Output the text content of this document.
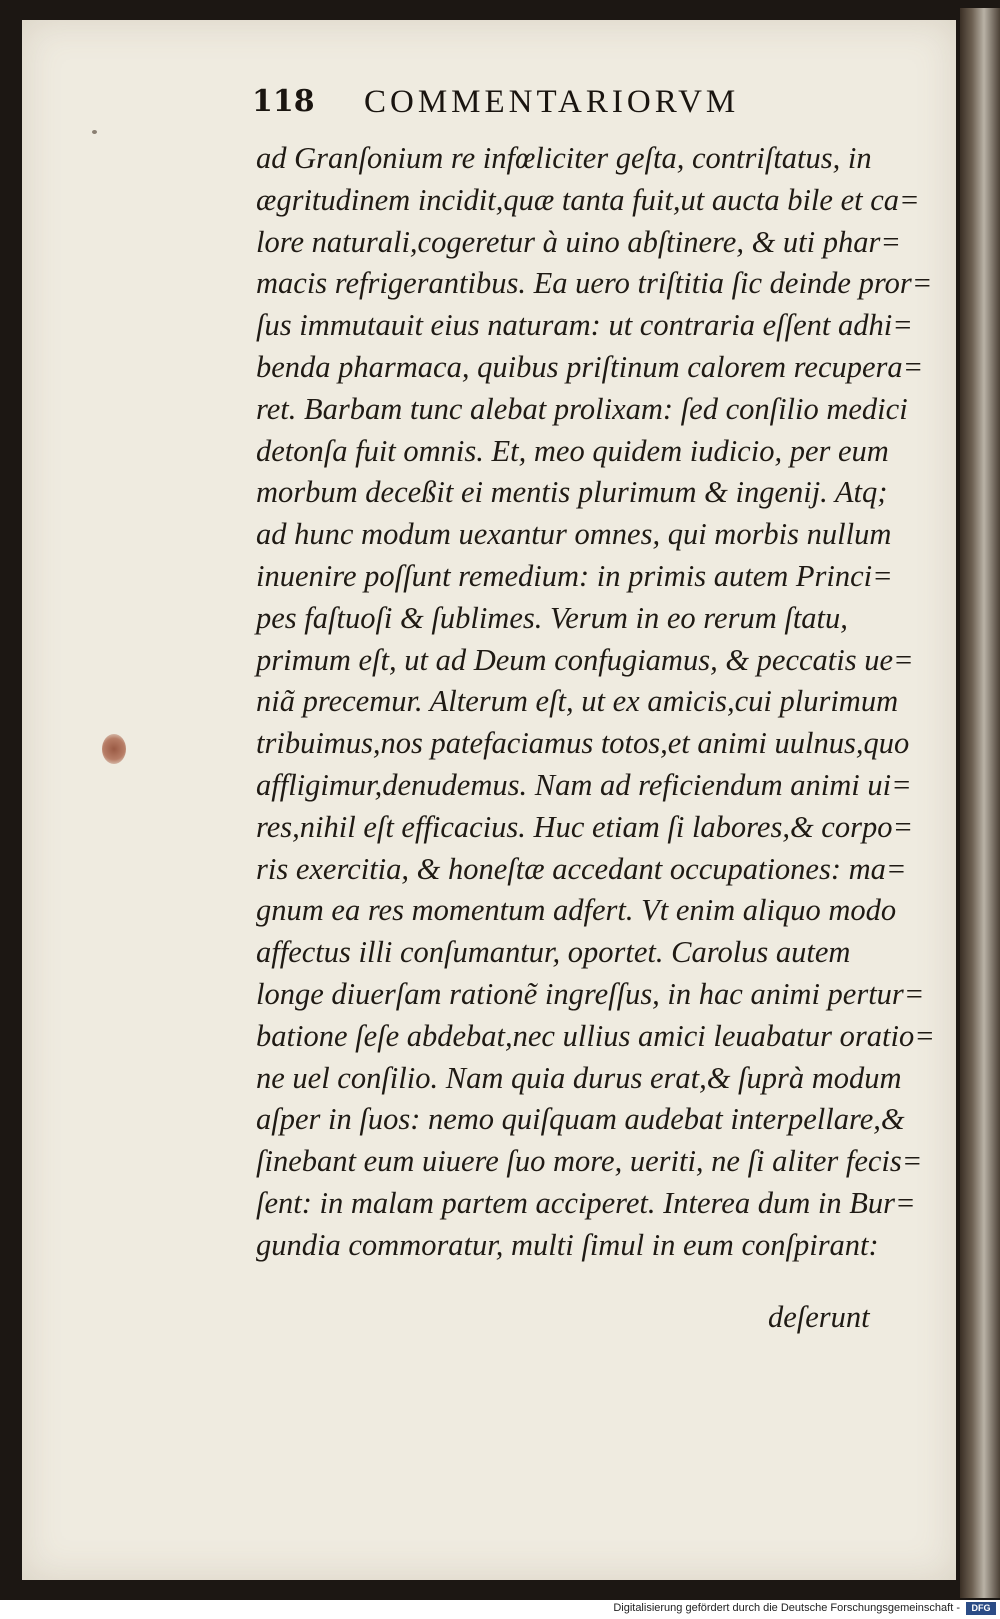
118 COMMENTARIORVM
ad Granſonium re infœliciter geſta, contriſtatus, in
ægritudinem incidit,quæ tanta fuit,ut aucta bile et ca=
lore naturali,cogeretur à uino abſtinere, & uti phar=
macis refrigerantibus. Ea uero triſtitia ſic deinde pror=
ſus immutauit eius naturam: ut contraria eſſent adhi=
benda pharmaca, quibus priſtinum calorem recupera=
ret. Barbam tunc alebat prolixam: ſed conſilio medici
detonſa fuit omnis. Et, meo quidem iudicio, per eum
morbum deceßit ei mentis plurimum & ingenij. Atq;
ad hunc modum uexantur omnes, qui morbis nullum
inuenire poſſunt remedium: in primis autem Princi=
pes faſtuoſi & ſublimes. Verum in eo rerum ſtatu,
primum eſt, ut ad Deum confugiamus, & peccatis ue=
niã precemur. Alterum eſt, ut ex amicis,cui plurimum
tribuimus,nos patefaciamus totos,et animi uulnus,quo
affligimur,denudemus. Nam ad reficiendum animi ui=
res,nihil eſt efficacius. Huc etiam ſi labores,& corpo=
ris exercitia, & honeſtæ accedant occupationes: ma=
gnum ea res momentum adfert. Vt enim aliquo modo
affectus illi conſumantur, oportet. Carolus autem
longe diuerſam rationẽ ingreſſus, in hac animi pertur=
batione ſeſe abdebat,nec ullius amici leuabatur oratio=
ne uel conſilio. Nam quia durus erat,& ſuprà modum
aſper in ſuos: nemo quiſquam audebat interpellare,&
ſinebant eum uiuere ſuo more, ueriti, ne ſi aliter fecis=
ſent: in malam partem acciperet. Interea dum in Bur=
gundia commoratur, multi ſimul in eum conſpirant:
deſerunt
Digitalisierung gefördert durch die Deutsche Forschungsgemeinschaft -	DFG
